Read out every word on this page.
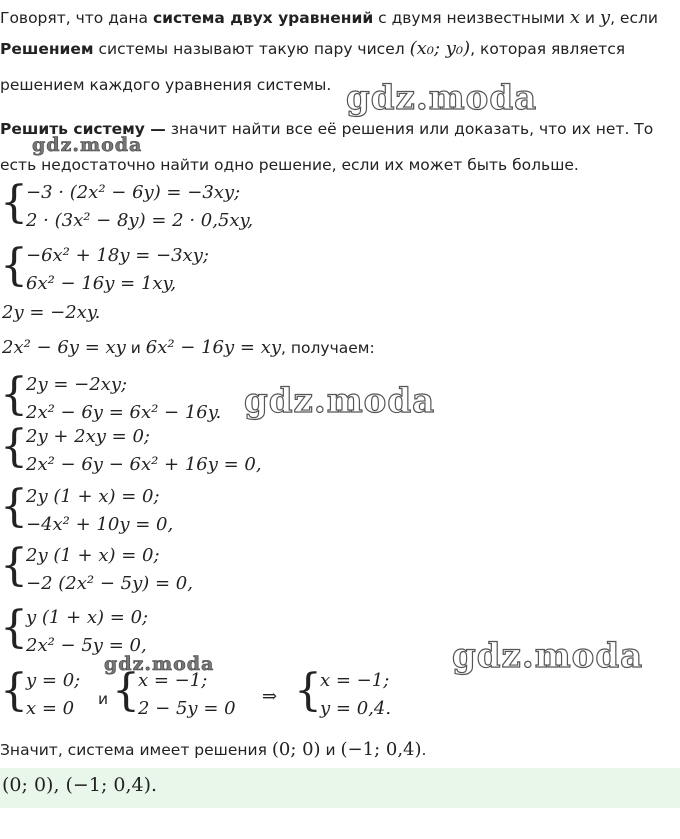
Говорят, что дана система двух уравнений с двумя неизвестными x и y, если
Решением системы называют такую пару чисел (x₀; y₀), которая является
решением каждого уравнения системы.
Решить систему — значит найти все её решения или доказать, что их нет. То
есть недостаточно найти одно решение, если их может быть больше.
{
−3 · (2x² − 6y) = −3xy;
2 · (3x² − 8y) = 2 · 0,5xy,
{
−6x² + 18y = −3xy;
6x² − 16y = 1xy,
2y = −2xy.
2x² − 6y = xy и 6x² − 16y = xy, получаем:
{
2y = −2xy;
2x² − 6y = 6x² − 16y.
{
2y + 2xy = 0;
2x² − 6y − 6x² + 16y = 0,
{
2y (1 + x) = 0;
−4x² + 10y = 0,
{
2y (1 + x) = 0;
−2 (2x² − 5y) = 0,
{
y (1 + x) = 0;
2x² − 5y = 0,
{
y = 0;
x = 0 и {
x = −1;
2 − 5y = 0
⇒ {
x = −1;
y = 0,4.
Значит, система имеет решения (0; 0) и (−1; 0,4).
(0; 0), (−1; 0,4).
gdz.moda
gdz.moda
gdz.moda
gdz.moda
gdz.moda
